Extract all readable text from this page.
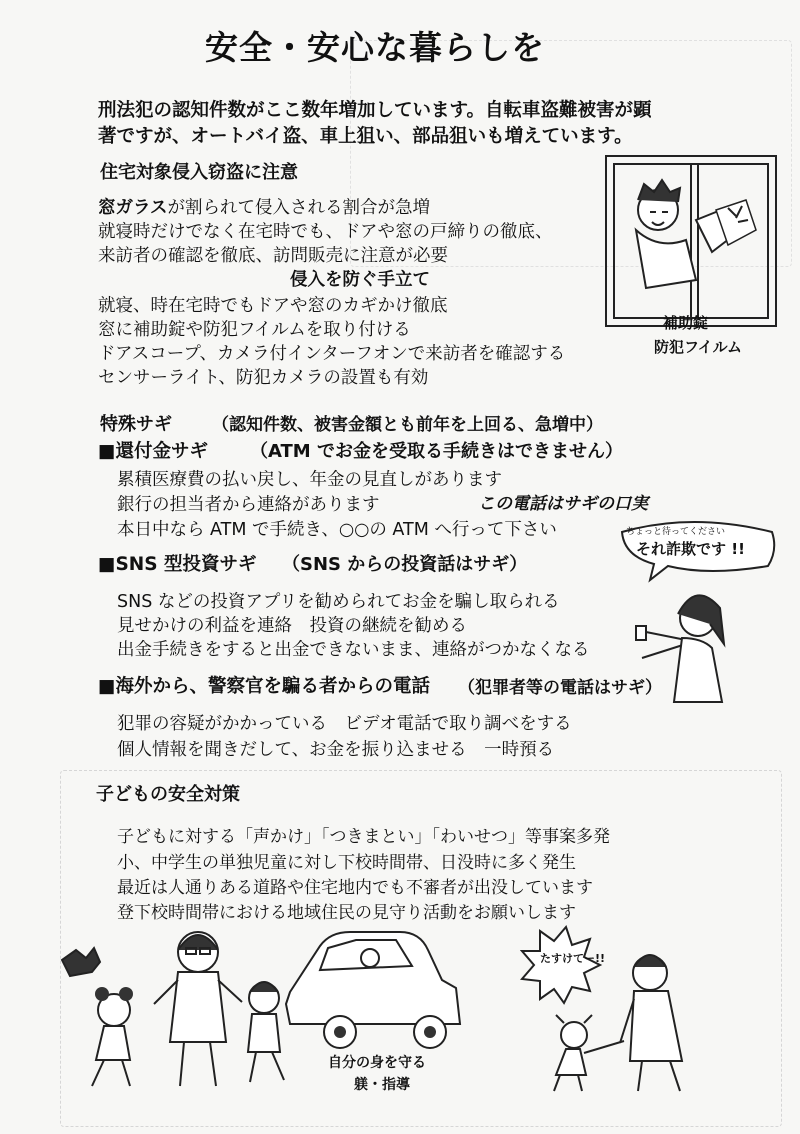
安全・安心な暮らしを
刑法犯の認知件数がここ数年増加しています。自転車盗難被害が顕
著ですが、オートバイ盗、車上狙い、部品狙いも増えています。
住宅対象侵入窃盗に注意
窓ガラスが割られて侵入される割合が急増
就寝時だけでなく在宅時でも、ドアや窓の戸締りの徹底、
来訪者の確認を徹底、訪問販売に注意が必要
侵入を防ぐ手立て
就寝、時在宅時でもドアや窓のカギかけ徹底
窓に補助錠や防犯フイルムを取り付ける
ドアスコープ、カメラ付インターフオンで来訪者を確認する
センサーライト、防犯カメラの設置も有効
補助錠
防犯フイルム
特殊サギ （認知件数、被害金額とも前年を上回る、急増中）
■還付金サギ （ATM でお金を受取る手続きはできません）
累積医療費の払い戻し、年金の見直しがあります
銀行の担当者から連絡があります
本日中なら ATM で手続き、○○の ATM へ行って下さい
この電話はサギの口実
■SNS 型投資サギ （SNS からの投資話はサギ）
SNS などの投資アプリを勧められてお金を騙し取られる
見せかけの利益を連絡　投資の継続を勧める
出金手続きをすると出金できないまま、連絡がつかなくなる
■海外から、警察官を騙る者からの電話 （犯罪者等の電話はサギ）
犯罪の容疑がかかっている　ビデオ電話で取り調べをする
個人情報を聞きだして、お金を振り込ませる　一時預る
ちょっと待ってください
それ詐欺です !!
子どもの安全対策
子どもに対する「声かけ」「つきまとい」「わいせつ」等事案多発
小、中学生の単独児童に対し下校時間帯、日没時に多く発生
最近は人通りある道路や住宅地内でも不審者が出没しています
登下校時間帯における地域住民の見守り活動をお願いします
自分の身を守る
躾・指導
たすけてー!!
